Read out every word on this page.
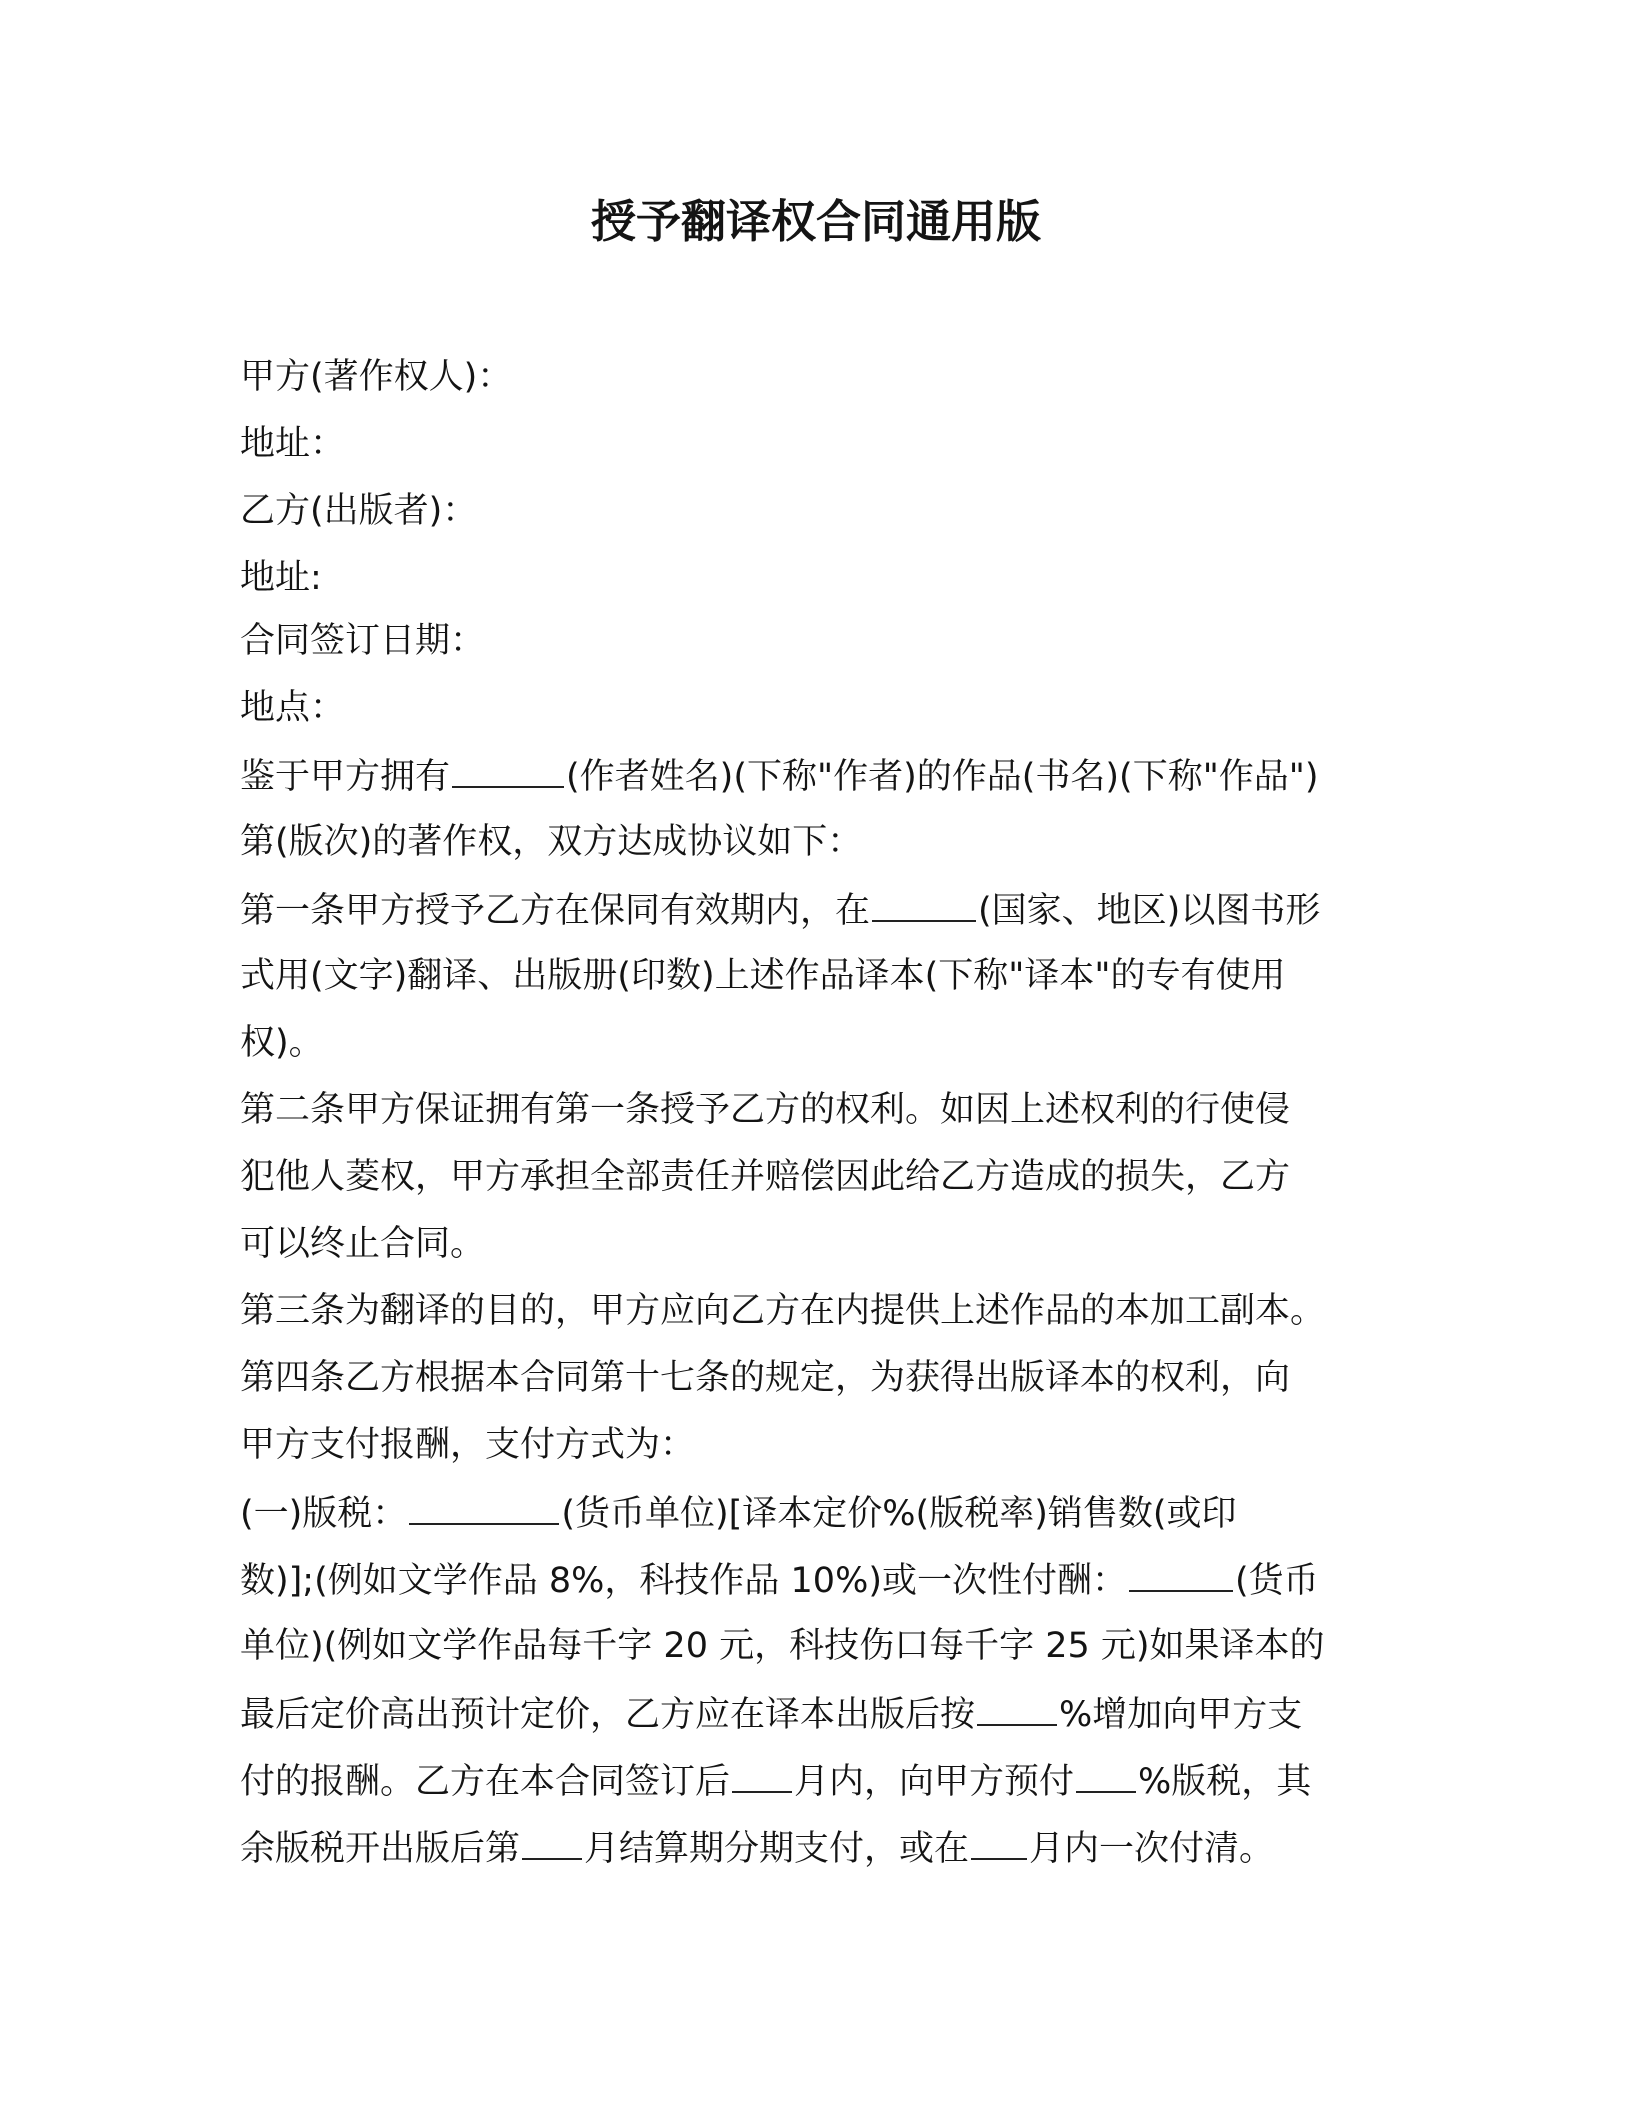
授予翻译权合同通用版
甲方(著作权人)：
地址：
乙方(出版者)：
地址:
合同签订日期：
地点：
鉴于甲方拥有	(作者姓名)(下称"作者)的作品(书名)(下称"作品")
第(版次)的著作权，双方达成协议如下：
第一条甲方授予乙方在保同有效期内，在	(国家、地区)以图书形
式用(文字)翻译、出版册(印数)上述作品译本(下称"译本"的专有使用
权)。
第二条甲方保证拥有第一条授予乙方的权利。如因上述权利的行使侵
犯他人菱权，甲方承担全部责任并赔偿因此给乙方造成的损失，乙方
可以终止合同。
第三条为翻译的目的，甲方应向乙方在内提供上述作品的本加工副本。
第四条乙方根据本合同第十七条的规定，为获得出版译本的权利，向
甲方支付报酬，支付方式为：
(一)版税：	(货币单位)[译本定价%(版税率)销售数(或印
数)];(例如文学作品 8%，科技作品 10%)或一次性付酬：	(货币
单位)(例如文学作品每千字 20 元，科技伤口每千字 25 元)如果译本的
最后定价高出预计定价，乙方应在译本出版后按 %增加向甲方支
付的报酬。乙方在本合同签订后 月内，向甲方预付 %版税，其
余版税开出版后第 月结算期分期支付，或在 月内一次付清。
